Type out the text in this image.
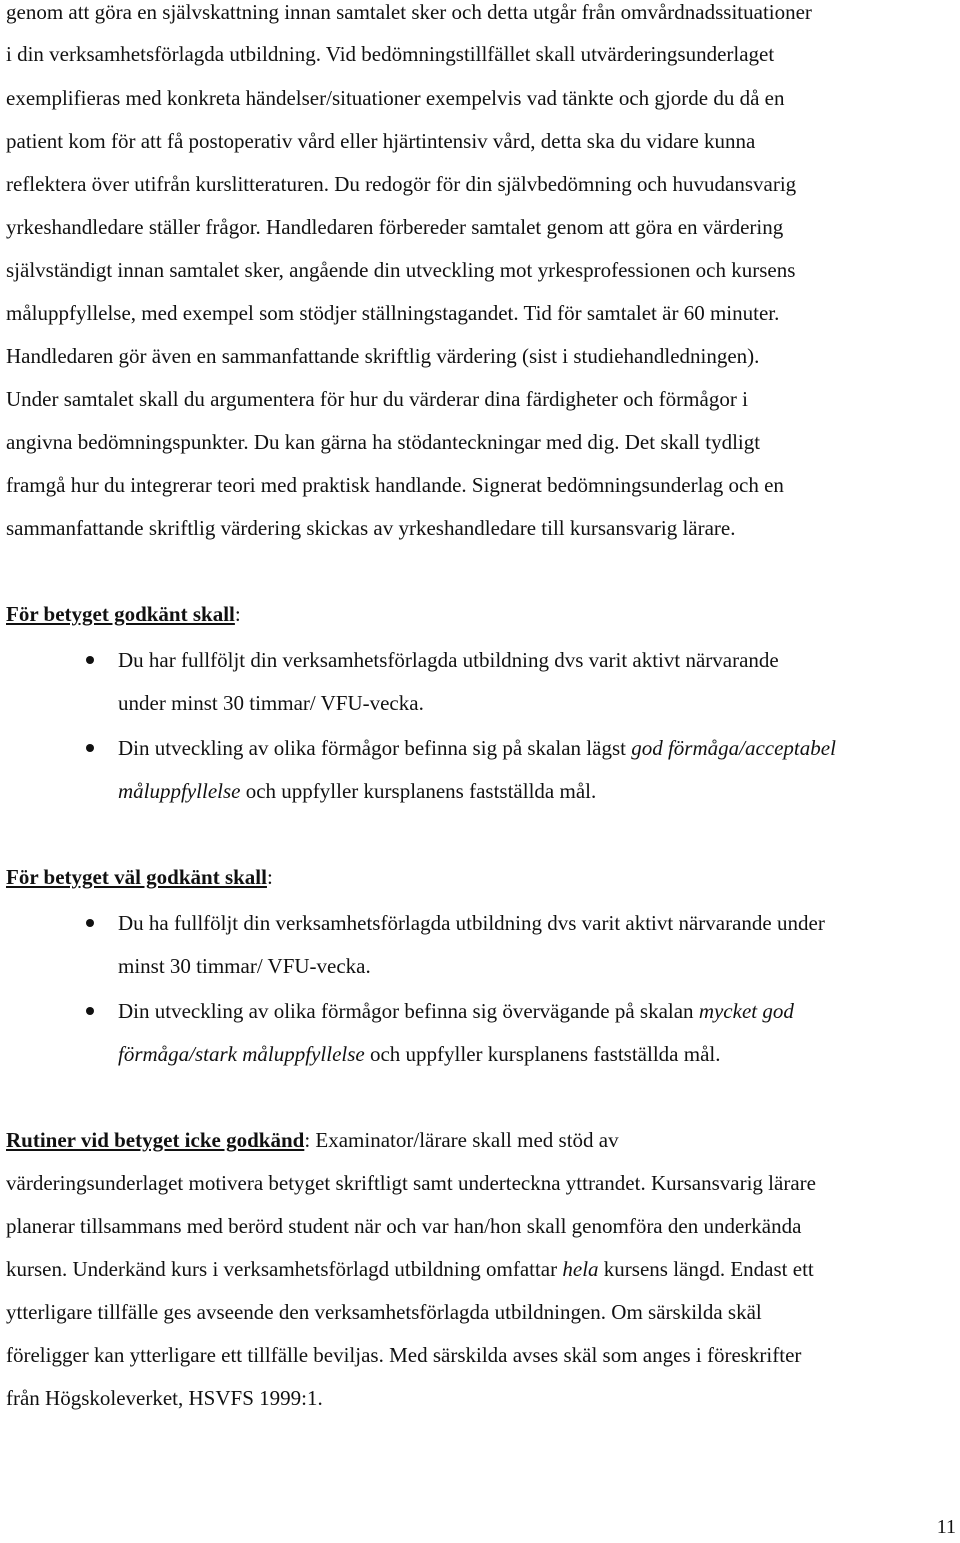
genom att göra en självskattning innan samtalet sker och detta utgår från omvårdnadssituationer

i din verksamhetsförlagda utbildning. Vid bedömningstillfället skall utvärderingsunderlaget

exemplifieras med konkreta händelser/situationer exempelvis vad tänkte och gjorde du då en

patient kom för att få postoperativ vård eller hjärtintensiv vård, detta ska du vidare kunna

reflektera över utifrån kurslitteraturen. Du redogör för din självbedömning och huvudansvarig

yrkeshandledare ställer frågor. Handledaren förbereder samtalet genom att göra en värdering

självständigt innan samtalet sker, angående din utveckling mot yrkesprofessionen och kursens

måluppfyllelse, med exempel som stödjer ställningstagandet. Tid för samtalet är 60 minuter.

Handledaren gör även en sammanfattande skriftlig värdering (sist i studiehandledningen).

Under samtalet skall du argumentera för hur du värderar dina färdigheter och förmågor i

angivna bedömningspunkter. Du kan gärna ha stödanteckningar med dig. Det skall tydligt

framgå hur du integrerar teori med praktisk handlande. Signerat bedömningsunderlag och en

sammanfattande skriftlig värdering skickas av yrkeshandledare till kursansvarig lärare.

För betyget godkänt skall:

Du har fullföljt din verksamhetsförlagda utbildning dvs varit aktivt närvarande
under minst 30 timmar/ VFU-vecka.
Din utveckling av olika förmågor befinna sig på skalan lägst god förmåga/acceptabel
måluppfyllelse och uppfyller kursplanens fastställda mål.

För betyget väl godkänt skall:

Du ha fullföljt din verksamhetsförlagda utbildning dvs varit aktivt närvarande under
minst 30 timmar/ VFU-vecka.
Din utveckling av olika förmågor befinna sig övervägande på skalan mycket god
förmåga/stark måluppfyllelse och uppfyller kursplanens fastställda mål.

Rutiner vid betyget icke godkänd: Examinator/lärare skall med stöd av

värderingsunderlaget motivera betyget skriftligt samt underteckna yttrandet. Kursansvarig lärare

planerar tillsammans med berörd student när och var han/hon skall genomföra den underkända

kursen. Underkänd kurs i verksamhetsförlagd utbildning omfattar hela kursens längd. Endast ett

ytterligare tillfälle ges avseende den verksamhetsförlagda utbildningen. Om särskilda skäl

föreligger kan ytterligare ett tillfälle beviljas. Med särskilda avses skäl som anges i föreskrifter

från Högskoleverket, HSVFS 1999:1.

11
